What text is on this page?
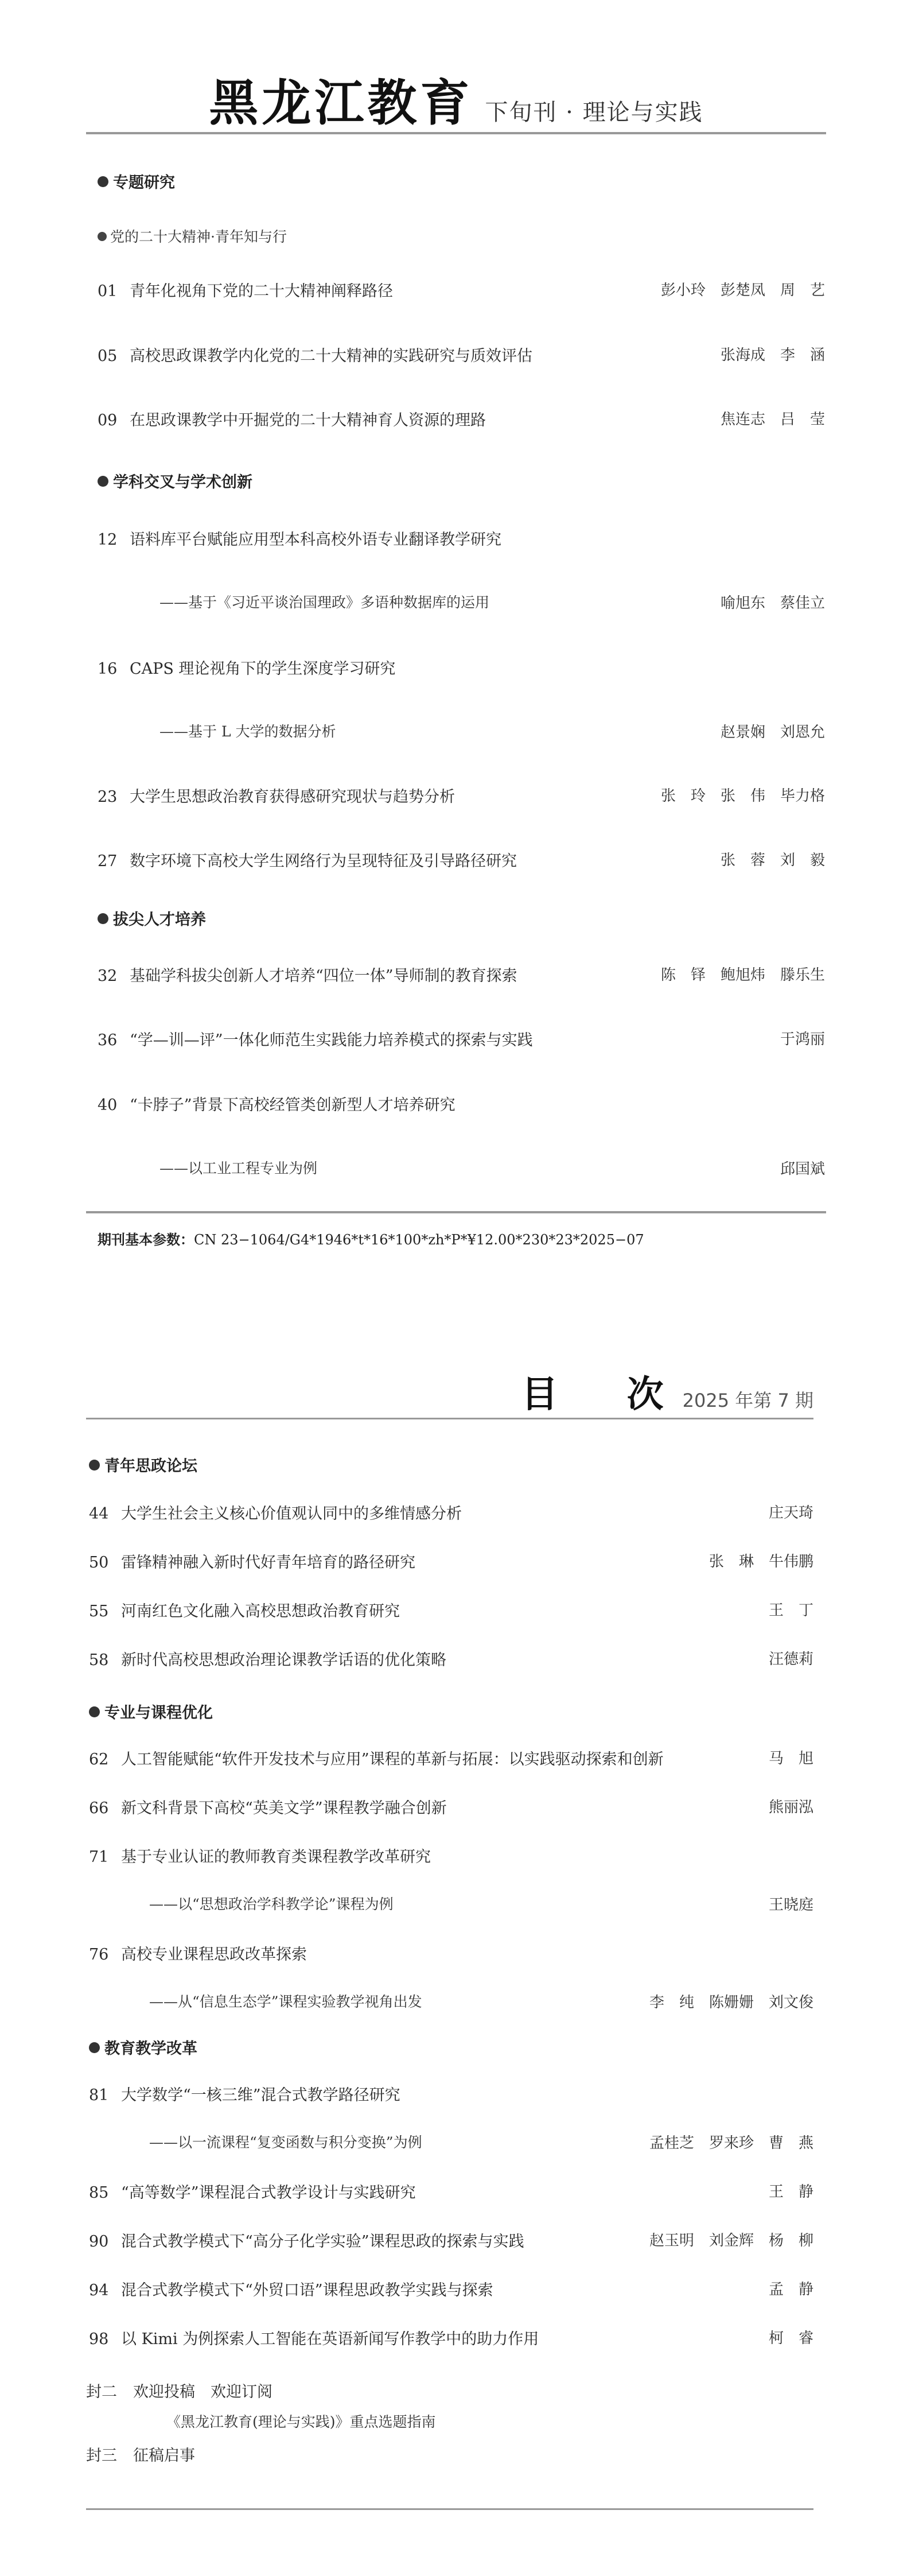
黑龙江教育 下旬刊 · 理论与实践
专题研究
党的二十大精神·青年知与行
01 青年化视角下党的二十大精神阐释路径	彭小玲　彭楚凤　周　艺
05 高校思政课教学内化党的二十大精神的实践研究与质效评估	张海成　李　涵
09 在思政课教学中开掘党的二十大精神育人资源的理路	焦连志　吕　莹
学科交叉与学术创新
12 语料库平台赋能应用型本科高校外语专业翻译教学研究
——基于《习近平谈治国理政》多语种数据库的运用	喻旭东　蔡佳立
16 CAPS 理论视角下的学生深度学习研究
——基于 L 大学的数据分析	赵景娴　刘恩允
23 大学生思想政治教育获得感研究现状与趋势分析	张　玲　张　伟　毕力格
27 数字环境下高校大学生网络行为呈现特征及引导路径研究	张　蓉　刘　毅
拔尖人才培养
32 基础学科拔尖创新人才培养“四位一体”导师制的教育探索	陈　铎　鲍旭炜　滕乐生
36 “学—训—评”一体化师范生实践能力培养模式的探索与实践	于鸿丽
40 “卡脖子”背景下高校经管类创新型人才培养研究
——以工业工程专业为例	邱国斌
期刊基本参数：CN 23−1064/G4*1946*t*16*100*zh*P*¥12.00*230*23*2025−07
目　次 2025 年第 7 期
青年思政论坛
44 大学生社会主义核心价值观认同中的多维情感分析	庄天琦
50 雷锋精神融入新时代好青年培育的路径研究	张　琳　牛伟鹏
55 河南红色文化融入高校思想政治教育研究	王　丁
58 新时代高校思想政治理论课教学话语的优化策略	汪德莉
专业与课程优化
62 人工智能赋能“软件开发技术与应用”课程的革新与拓展：以实践驱动探索和创新	马　旭
66 新文科背景下高校“英美文学”课程教学融合创新	熊丽泓
71 基于专业认证的教师教育类课程教学改革研究
——以“思想政治学科教学论”课程为例	王晓庭
76 高校专业课程思政改革探索
——从“信息生态学”课程实验教学视角出发	李　纯　陈姗姗　刘文俊
教育教学改革
81 大学数学“一核三维”混合式教学路径研究
——以一流课程“复变函数与积分变换”为例	孟桂芝　罗来珍　曹　燕
85 “高等数学”课程混合式教学设计与实践研究	王　静
90 混合式教学模式下“高分子化学实验”课程思政的探索与实践	赵玉明　刘金辉　杨　柳
94 混合式教学模式下“外贸口语”课程思政教学实践与探索	孟　静
98 以 Kimi 为例探索人工智能在英语新闻写作教学中的助力作用	柯　睿
封二 欢迎投稿　欢迎订阅
《黑龙江教育(理论与实践)》重点选题指南
封三 征稿启事
